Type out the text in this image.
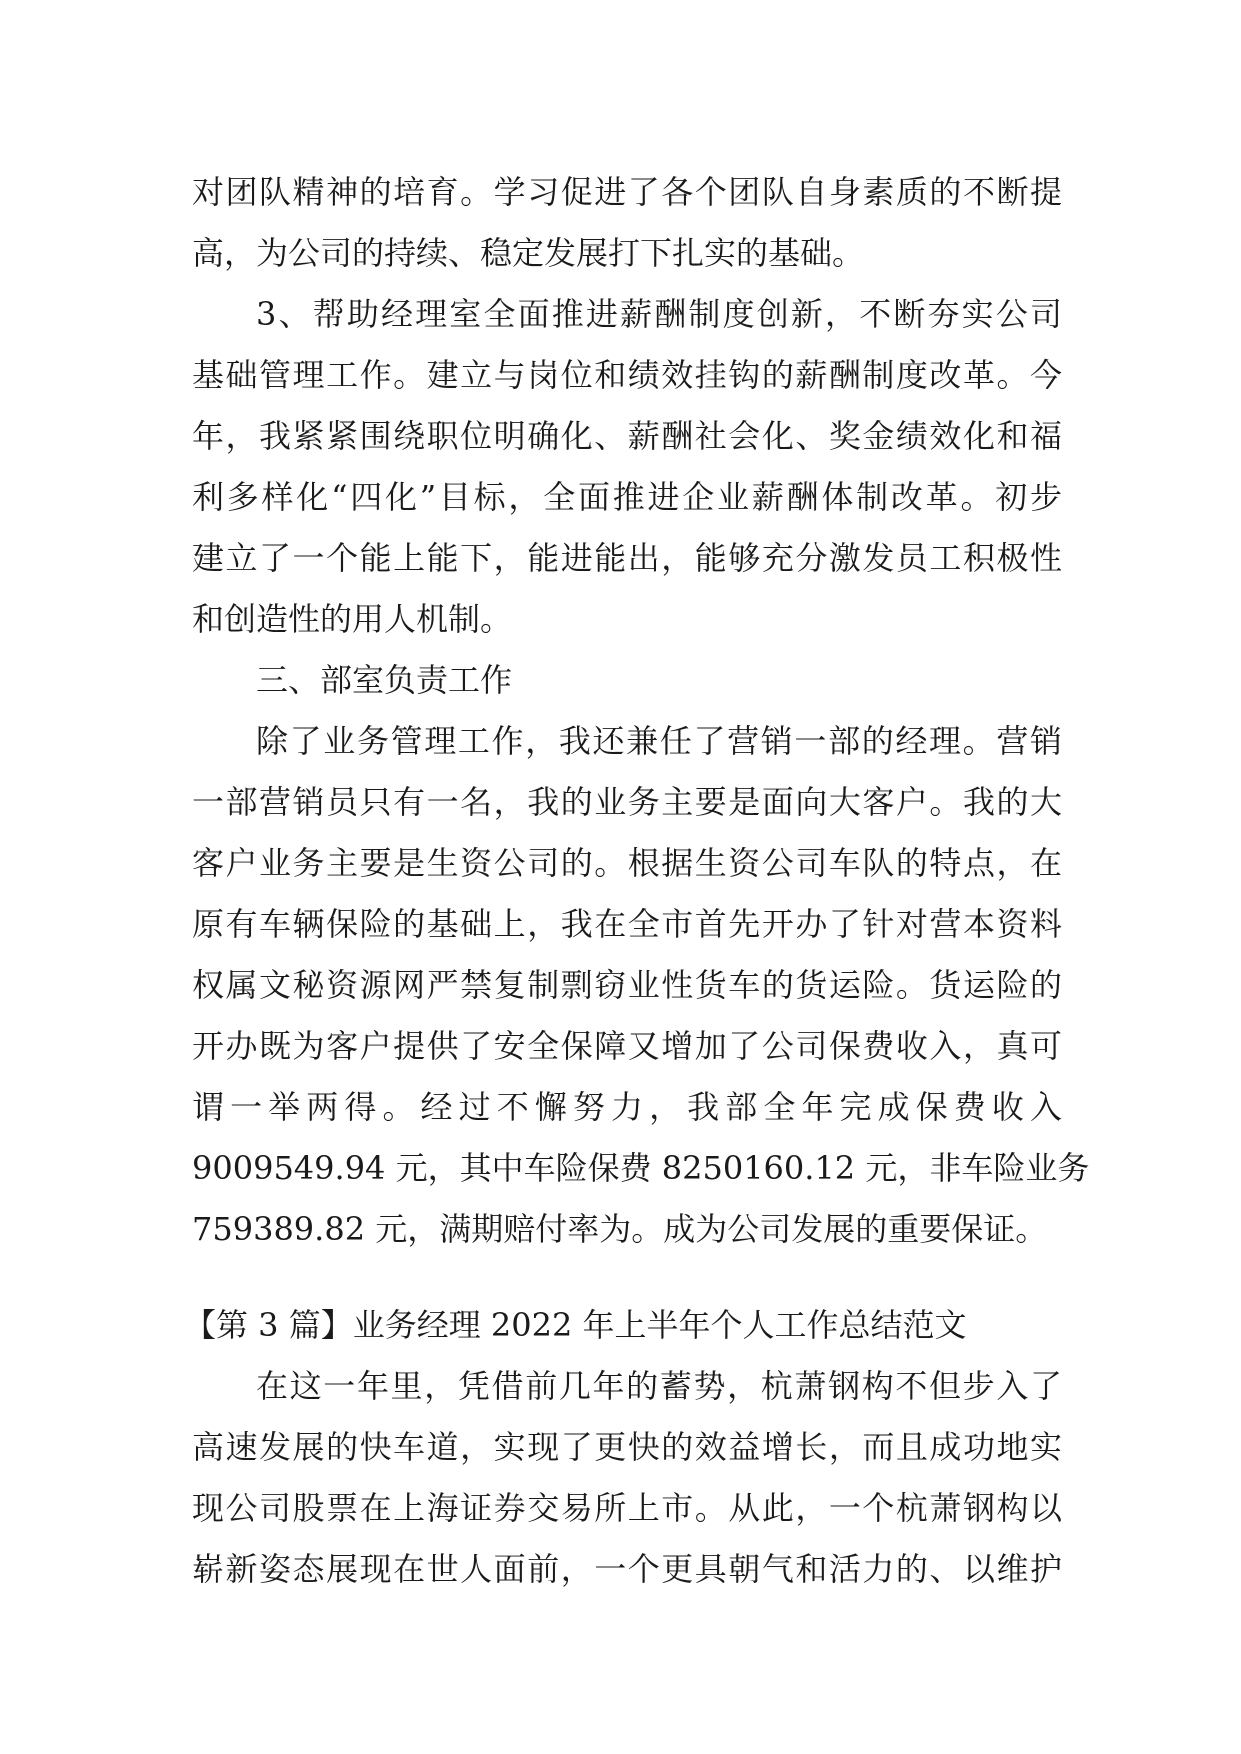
对团队精神的培育。学习促进了各个团队自身素质的不断提
高，为公司的持续、稳定发展打下扎实的基础。
3、帮助经理室全面推进薪酬制度创新，不断夯实公司
基础管理工作。建立与岗位和绩效挂钩的薪酬制度改革。今
年，我紧紧围绕职位明确化、薪酬社会化、奖金绩效化和福
利多样化“四化”目标，全面推进企业薪酬体制改革。初步
建立了一个能上能下，能进能出，能够充分激发员工积极性
和创造性的用人机制。
三、部室负责工作
除了业务管理工作，我还兼任了营销一部的经理。营销
一部营销员只有一名，我的业务主要是面向大客户。我的大
客户业务主要是生资公司的。根据生资公司车队的特点，在
原有车辆保险的基础上，我在全市首先开办了针对营本资料
权属文秘资源网严禁复制剽窃业性货车的货运险。货运险的
开办既为客户提供了安全保障又增加了公司保费收入，真可
谓一举两得。经过不懈努力，我部全年完成保费收入
9009549.94 元，其中车险保费 8250160.12 元，非车险业务
759389.82 元，满期赔付率为。成为公司发展的重要保证。
【第 3 篇】业务经理 2022 年上半年个人工作总结范文
在这一年里，凭借前几年的蓄势，杭萧钢构不但步入了
高速发展的快车道，实现了更快的效益增长，而且成功地实
现公司股票在上海证券交易所上市。从此，一个杭萧钢构以
崭新姿态展现在世人面前，一个更具朝气和活力的、以维护
